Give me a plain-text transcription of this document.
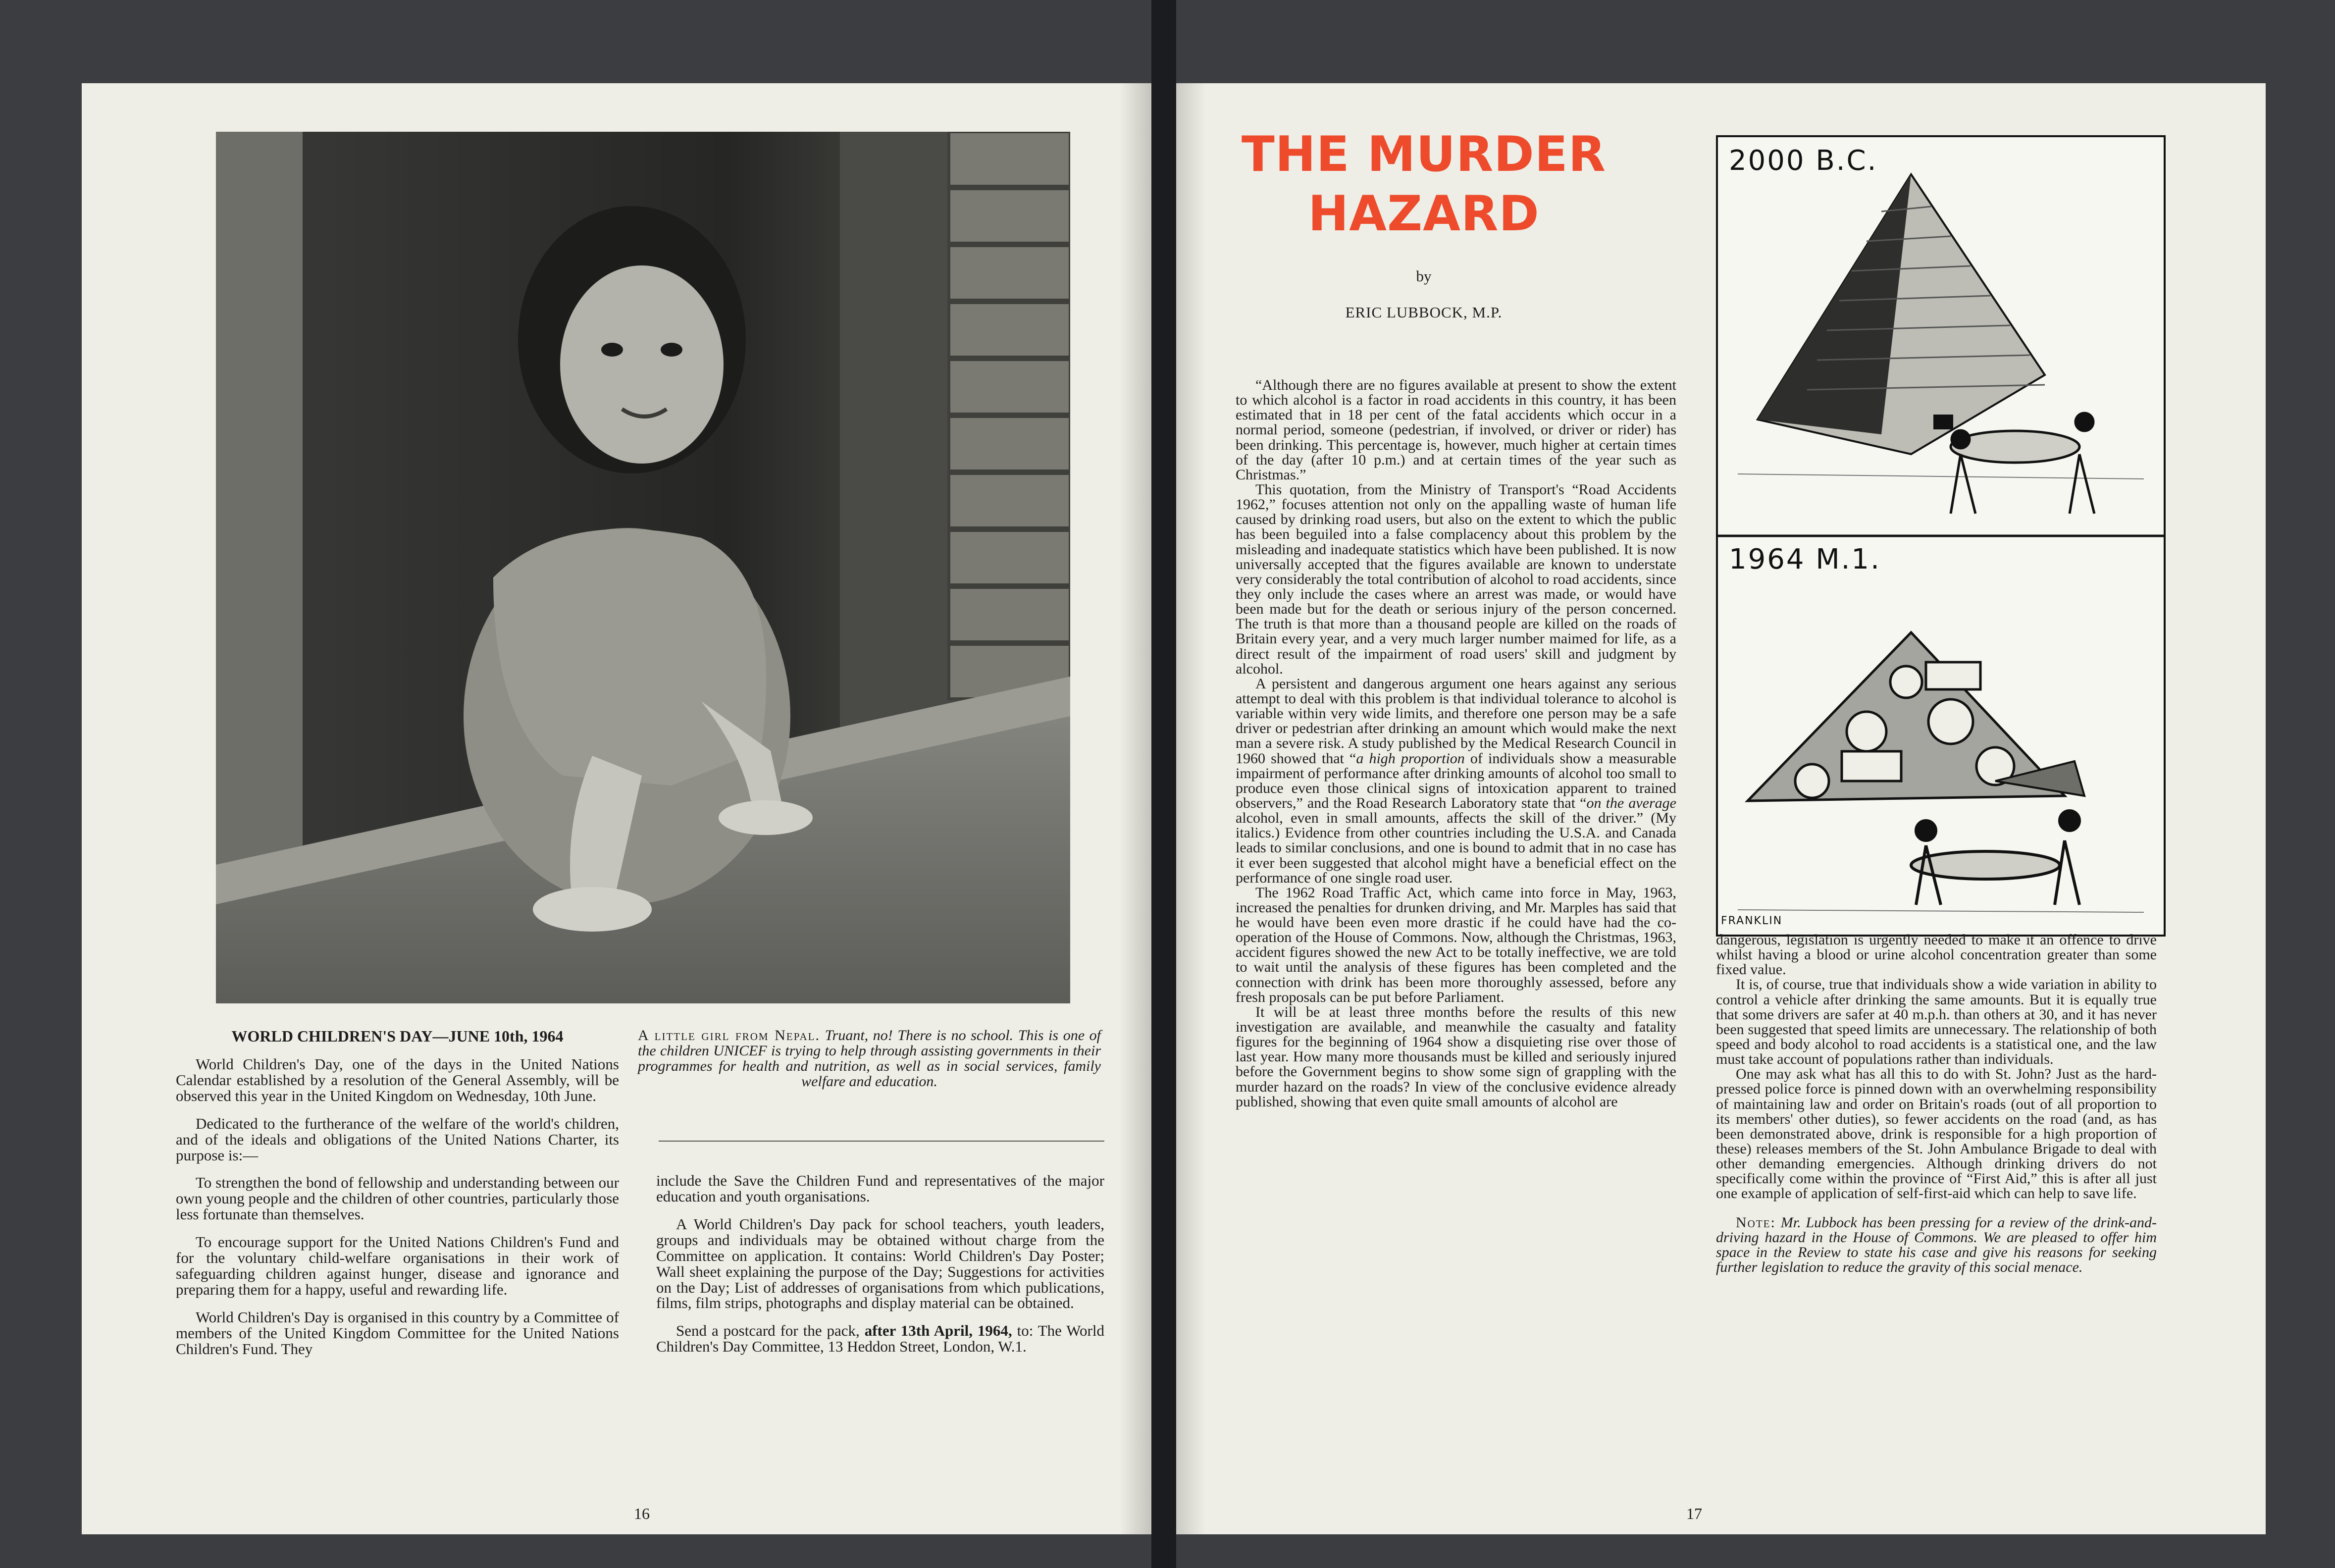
A little girl from Nepal. Truant, no! There is no school. This is one of the children UNICEF is trying to help through assisting governments in their programmes for health and nutrition, as well as in social services, family welfare and education.

WORLD CHILDREN'S DAY—JUNE 10th, 1964

World Children's Day, one of the days in the United Nations Calendar established by a resolution of the General Assembly, will be observed this year in the United Kingdom on Wednesday, 10th June.

Dedicated to the furtherance of the welfare of the world's children, and of the ideals and obligations of the United Nations Charter, its purpose is:—

To strengthen the bond of fellowship and understanding between our own young people and the children of other countries, particularly those less fortunate than themselves.

To encourage support for the United Nations Children's Fund and for the voluntary child-welfare organisations in their work of safeguarding children against hunger, disease and ignorance and preparing them for a happy, useful and rewarding life.

World Children's Day is organised in this country by a Committee of members of the United Kingdom Committee for the United Nations Children's Fund. They

include the Save the Children Fund and representatives of the major education and youth organisations.

A World Children's Day pack for school teachers, youth leaders, groups and individuals may be obtained without charge from the Committee on application. It contains: World Children's Day Poster; Wall sheet explaining the purpose of the Day; Suggestions for activities on the Day; List of addresses of organisations from which publications, films, film strips, photographs and display material can be obtained.

Send a postcard for the pack, after 13th April, 1964, to: The World Children's Day Committee, 13 Heddon Street, London, W.1.

16
THE MURDER
HAZARD
by
ERIC LUBBOCK, M.P.
2000 B.C.
1964 M.1.
FRANKLIN

“Although there are no figures available at present to show the extent to which alcohol is a factor in road accidents in this country, it has been estimated that in 18 per cent of the fatal accidents which occur in a normal period, someone (pedestrian, if involved, or driver or rider) has been drinking. This percentage is, however, much higher at certain times of the day (after 10 p.m.) and at certain times of the year such as Christmas.”

This quotation, from the Ministry of Transport's “Road Accidents 1962,” focuses attention not only on the appalling waste of human life caused by drinking road users, but also on the extent to which the public has been beguiled into a false complacency about this problem by the misleading and inadequate statistics which have been published. It is now universally accepted that the figures available are known to understate very considerably the total contribution of alcohol to road accidents, since they only include the cases where an arrest was made, or would have been made but for the death or serious injury of the person concerned. The truth is that more than a thousand people are killed on the roads of Britain every year, and a very much larger number maimed for life, as a direct result of the impairment of road users' skill and judgment by alcohol.

A persistent and dangerous argument one hears against any serious attempt to deal with this problem is that individual tolerance to alcohol is variable within very wide limits, and therefore one person may be a safe driver or pedestrian after drinking an amount which would make the next man a severe risk. A study published by the Medical Research Council in 1960 showed that “a high proportion of individuals show a measurable impairment of performance after drinking amounts of alcohol too small to produce even those clinical signs of intoxication apparent to trained observers,” and the Road Research Laboratory state that “on the average alcohol, even in small amounts, affects the skill of the driver.” (My italics.) Evidence from other countries including the U.S.A. and Canada leads to similar conclusions, and one is bound to admit that in no case has it ever been suggested that alcohol might have a beneficial effect on the performance of one single road user.

The 1962 Road Traffic Act, which came into force in May, 1963, increased the penalties for drunken driving, and Mr. Marples has said that he would have been even more drastic if he could have had the co-operation of the House of Commons. Now, although the Christmas, 1963, accident figures showed the new Act to be totally ineffective, we are told to wait until the analysis of these figures has been completed and the connection with drink has been more thoroughly assessed, before any fresh proposals can be put before Parliament.

It will be at least three months before the results of this new investigation are available, and meanwhile the casualty and fatality figures for the beginning of 1964 show a disquieting rise over those of last year. How many more thousands must be killed and seriously injured before the Government begins to show some sign of grappling with the murder hazard on the roads? In view of the conclusive evidence already published, showing that even quite small amounts of alcohol are

dangerous, legislation is urgently needed to make it an offence to drive whilst having a blood or urine alcohol concentration greater than some fixed value.

It is, of course, true that individuals show a wide variation in ability to control a vehicle after drinking the same amounts. But it is equally true that some drivers are safer at 40 m.p.h. than others at 30, and it has never been suggested that speed limits are unnecessary. The relationship of both speed and body alcohol to road accidents is a statistical one, and the law must take account of populations rather than individuals.

One may ask what has all this to do with St. John? Just as the hard-pressed police force is pinned down with an overwhelming responsibility of maintaining law and order on Britain's roads (out of all proportion to its members' other duties), so fewer accidents on the road (and, as has been demonstrated above, drink is responsible for a high proportion of these) releases members of the St. John Ambulance Brigade to deal with other demanding emergencies. Although drinking drivers do not specifically come within the province of “First Aid,” this is after all just one example of application of self-first-aid which can help to save life.

Note: Mr. Lubbock has been pressing for a review of the drink-and-driving hazard in the House of Commons. We are pleased to offer him space in the Review to state his case and give his reasons for seeking further legislation to reduce the gravity of this social menace.

17
